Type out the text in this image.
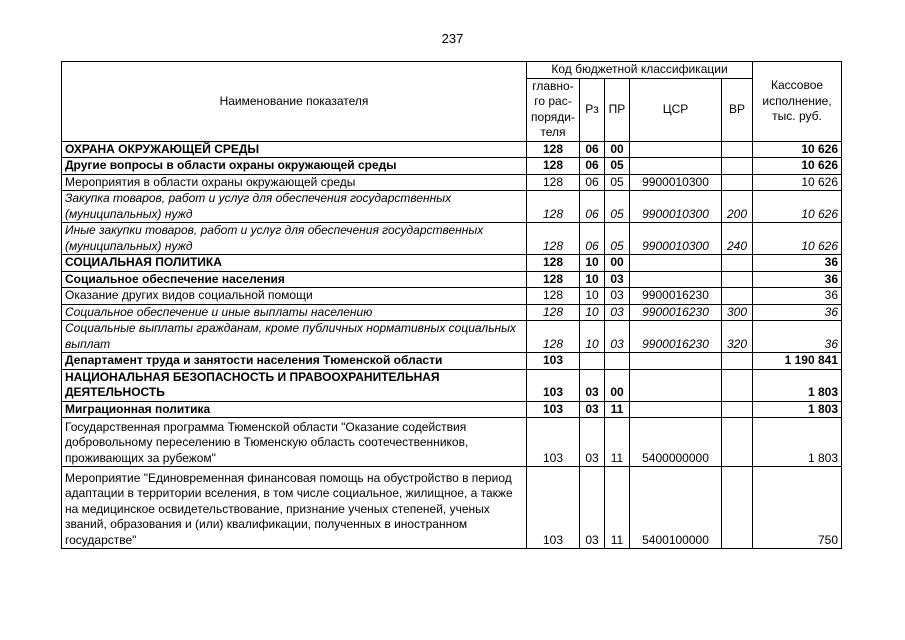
237
Наименование показателя	Код бюджетной классификации					Кассовое исполнение, тыс. руб.
	главно-го рас-поряди-теля	Рз	ПР	ЦСР	ВР	
ОХРАНА ОКРУЖАЮЩЕЙ СРЕДЫ	128	06	00			10 626
Другие вопросы в области охраны окружающей среды	128	06	05			10 626
Мероприятия в области охраны окружающей среды	128	06	05	9900010300		10 626
Закупка товаров, работ и услуг для обеспечения государственных (муниципальных) нужд	128	06	05	9900010300	200	10 626
Иные закупки товаров, работ и услуг для обеспечения государственных (муниципальных) нужд	128	06	05	9900010300	240	10 626
СОЦИАЛЬНАЯ ПОЛИТИКА	128	10	00			36
Социальное обеспечение населения	128	10	03			36
Оказание других видов социальной помощи	128	10	03	9900016230		36
Социальное обеспечение и иные выплаты населению	128	10	03	9900016230	300	36
Социальные выплаты гражданам, кроме публичных нормативных социальных выплат	128	10	03	9900016230	320	36
Департамент труда и занятости населения Тюменской области	103					1 190 841
НАЦИОНАЛЬНАЯ БЕЗОПАСНОСТЬ И ПРАВООХРАНИТЕЛЬНАЯ ДЕЯТЕЛЬНОСТЬ	103	03	00			1 803
Миграционная политика	103	03	11			1 803
Государственная программа Тюменской области "Оказание содействия добровольному переселению в Тюменскую область соотечественников, проживающих за рубежом"	103	03	11	5400000000		1 803
Мероприятие "Единовременная финансовая помощь на обустройство в период адаптации в территории вселения, в том числе социальное, жилищное, а также на медицинское освидетельствование, признание ученых степеней, ученых званий, образования и (или) квалификации, полученных в иностранном государстве"	103	03	11	5400100000		750
